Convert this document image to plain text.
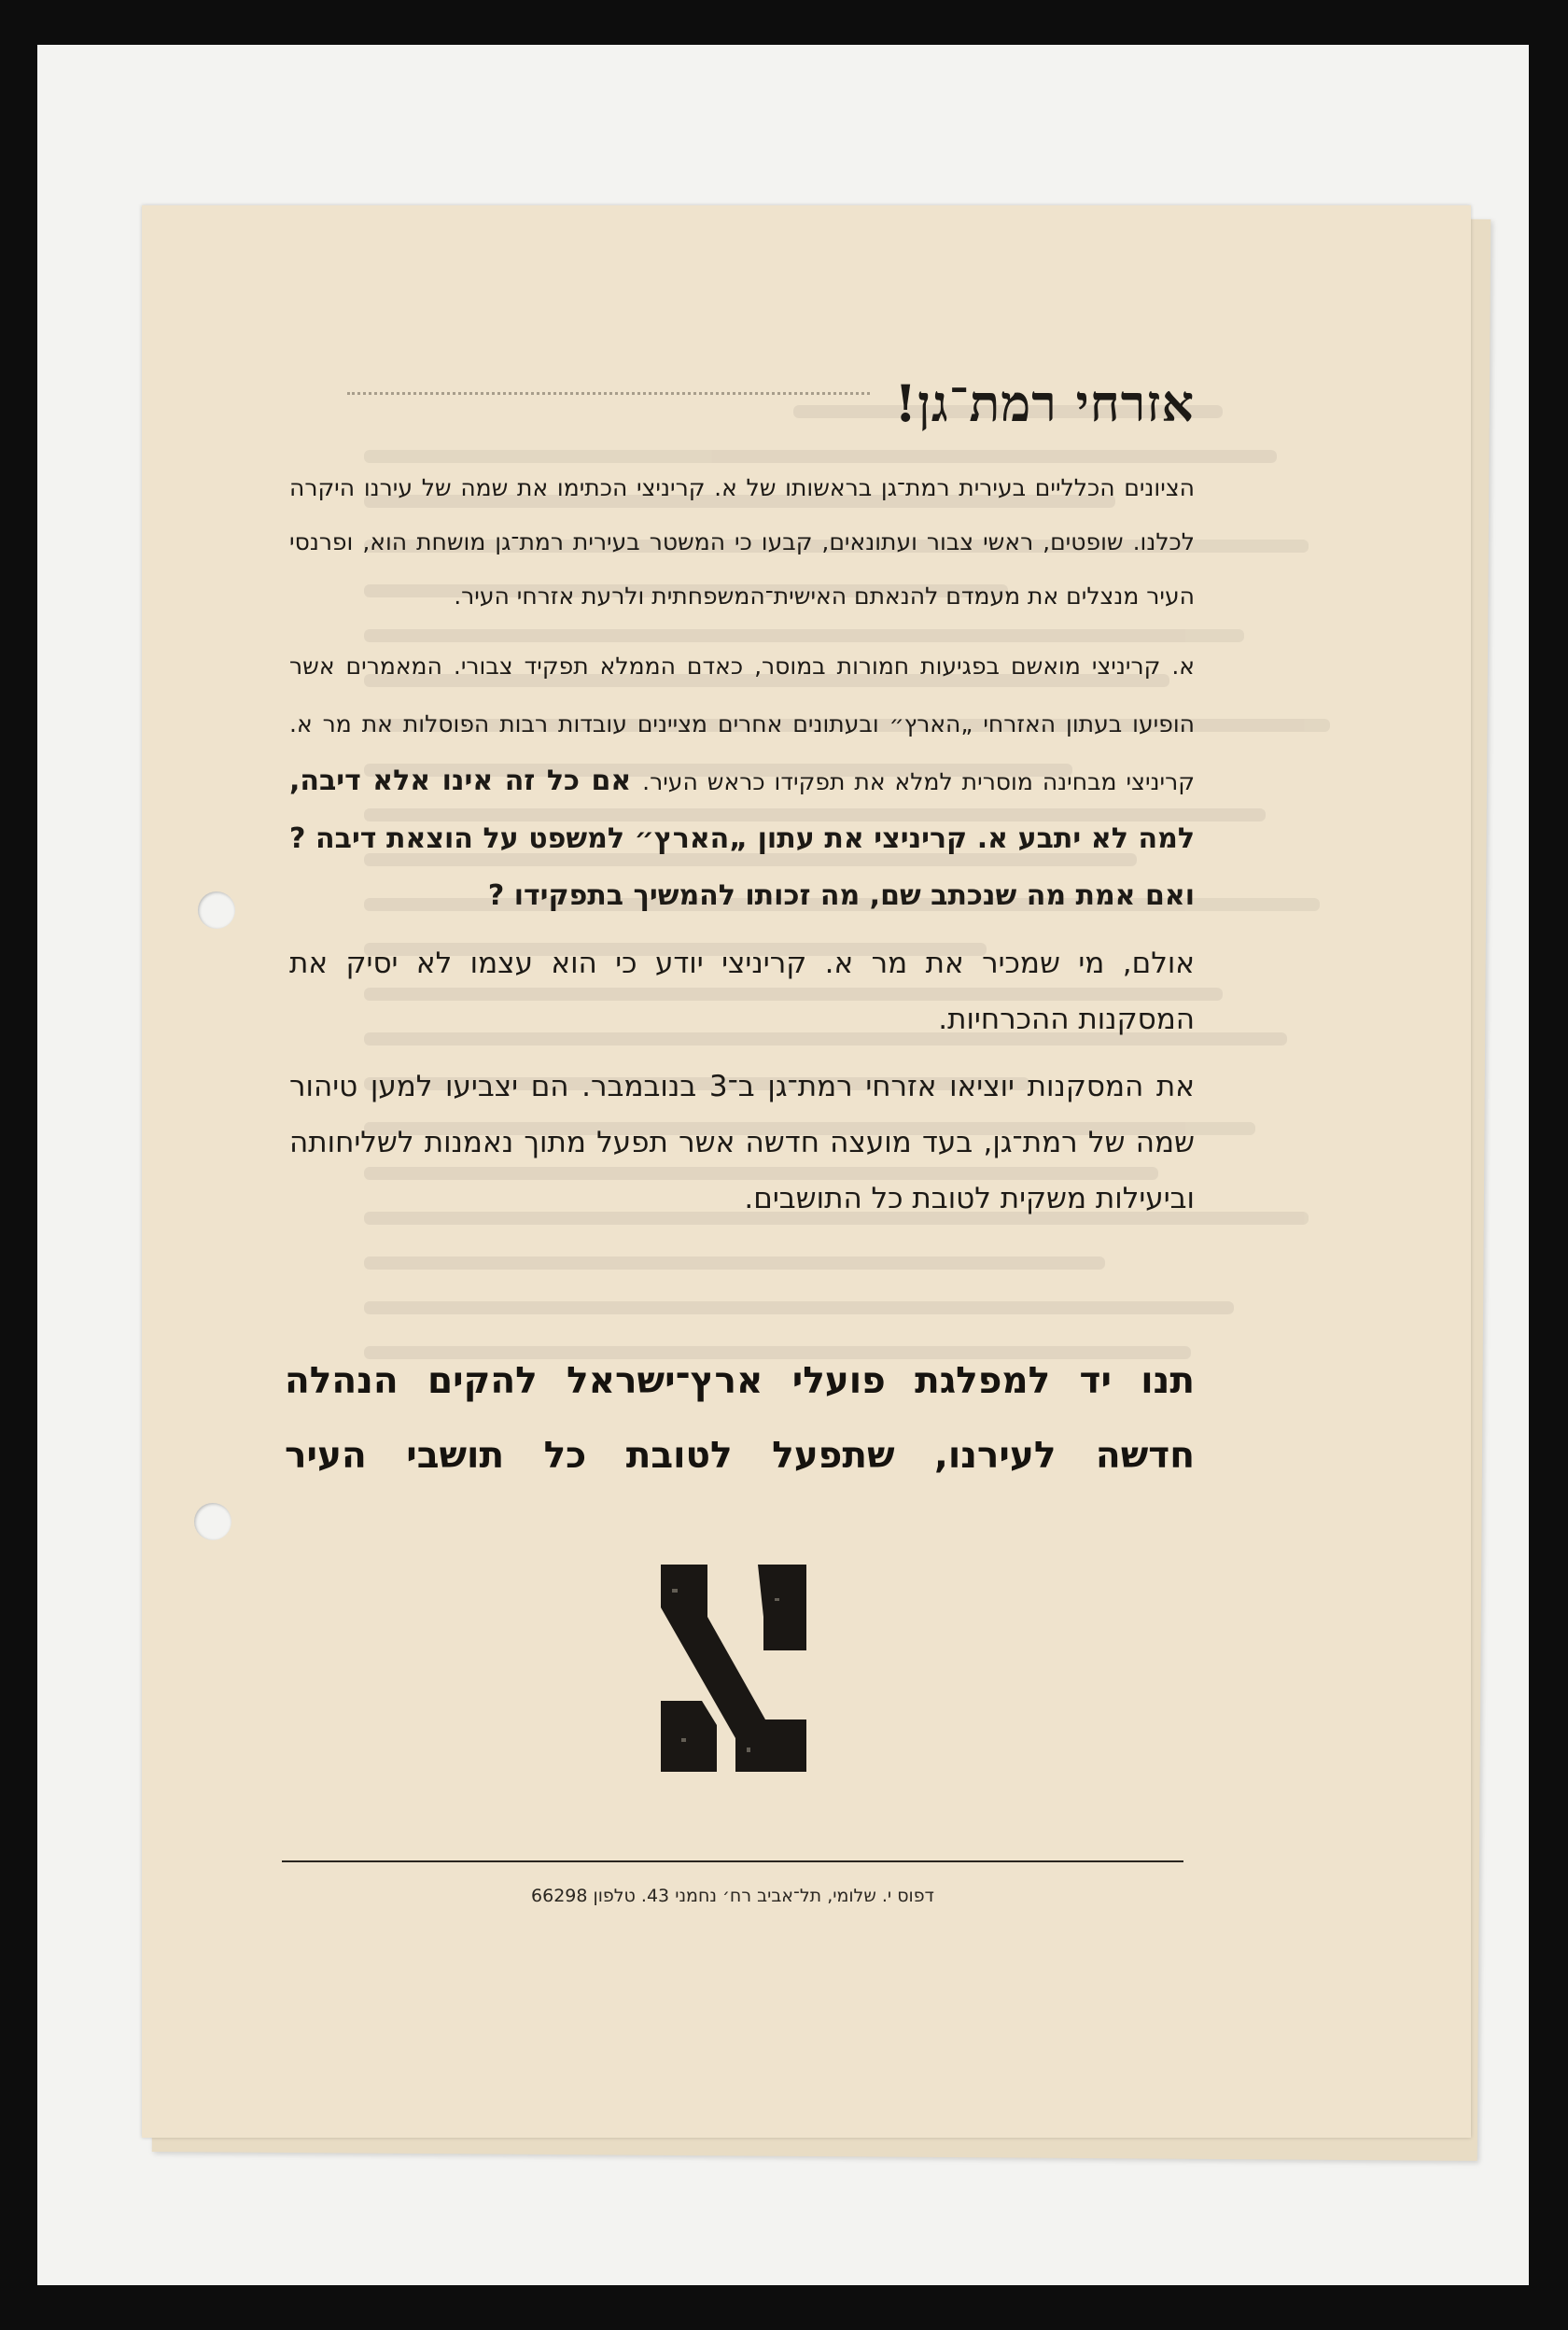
אזרחי רמת־גן!

הציונים הכלליים בעירית רמת־גן בראשותו של א. קריניצי הכתימו את שמה של עירנו היקרה לכלנו. שופטים, ראשי צבור ועתונאים, קבעו כי המשטר בעירית רמת־גן מושחת הוא, ופרנסי העיר מנצלים את מעמדם להנאתם האישית־המשפחתית ולרעת אזרחי העיר.

א. קריניצי מואשם בפגיעות חמורות במוסר, כאדם הממלא תפקיד צבורי. המאמרים אשר הופיעו בעתון האזרחי „הארץ״ ובעתונים אחרים מציינים עובדות רבות הפוסלות את מר א. קריניצי מבחינה מוסרית למלא את תפקידו כראש העיר. אם כל זה אינו אלא דיבה, למה לא יתבע א. קריניצי את עתון „הארץ״ למשפט על הוצאת דיבה ? ואם אמת מה שנכתב שם, מה זכותו להמשיך בתפקידו ?

אולם, מי שמכיר את מר א. קריניצי יודע כי הוא עצמו לא יסיק את המסקנות ההכרחיות.

את המסקנות יוציאו אזרחי רמת־גן ב־3 בנובמבר. הם יצביעו למען טיהור שמה של רמת־גן, בעד מועצה חדשה אשר תפעל מתוך נאמנות לשליחותה וביעילות משקית לטובת כל התושבים.

תנו יד למפלגת פועלי ארץ־ישראל להקים הנהלה
חדשה לעירנו, שתפעל לטובת כל תושבי העיר
דפוס י. שלומי, תל־אביב רח׳ נחמני 43. טלפון 66298
